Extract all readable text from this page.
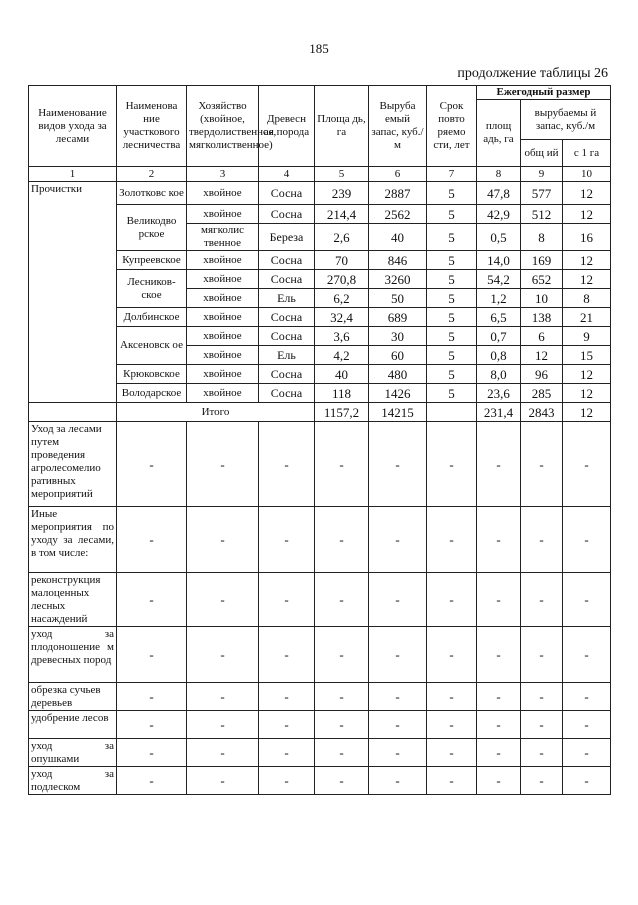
185
продолжение таблицы 26
Наименование видов ухода за лесами	Наименова ние участкового лесничества	Хозяйство (хвойное, твердолиственное, мягколиственное)	Древесн ая порода	Площа дь, га	Выруба емый запас, куб./м	Срок повто ряемо сти, лет	Ежегодный размер		
							площ адь, га	вырубаемы й запас, куб./м	
								общ ий	с 1 га
1	2	3	4	5	6	7	8	9	10
Прочистки	Золотковс кое	хвойное	Сосна	239	2887	5	47,8	577	12
	Великодво рское	хвойное	Сосна	214,4	2562	5	42,9	512	12
		мягколис твенное	Береза	2,6	40	5	0,5	8	16
	Купреевское	хвойное	Сосна	70	846	5	14,0	169	12
	Лесников- ское	хвойное	Сосна	270,8	3260	5	54,2	652	12
		хвойное	Ель	6,2	50	5	1,2	10	8
	Долбинское	хвойное	Сосна	32,4	689	5	6,5	138	21
	Аксеновск ое	хвойное	Сосна	3,6	30	5	0,7	6	9
		хвойное	Ель	4,2	60	5	0,8	12	15
	Крюковское	хвойное	Сосна	40	480	5	8,0	96	12
	Володарское	хвойное	Сосна	118	1426	5	23,6	285	12
	Итого			1157,2	14215		231,4	2843	12
Уход за лесами путем проведения агролесомелио ративных мероприятий	-	-	-	-	-	-	-	-	-
Иные мероприятия по уходу за лесами, в том числе:	-	-	-	-	-	-	-	-	-
реконструкция малоценных лесных насаждений	-	-	-	-	-	-	-	-	-
уход за плодоношение м древесных пород	-	-	-	-	-	-	-	-	-
обрезка сучьев деревьев	-	-	-	-	-	-	-	-	-
удобрение лесов	-	-	-	-	-	-	-	-	-
уход за опушками	-	-	-	-	-	-	-	-	-
уход за подлеском	-	-	-	-	-	-	-	-	-
